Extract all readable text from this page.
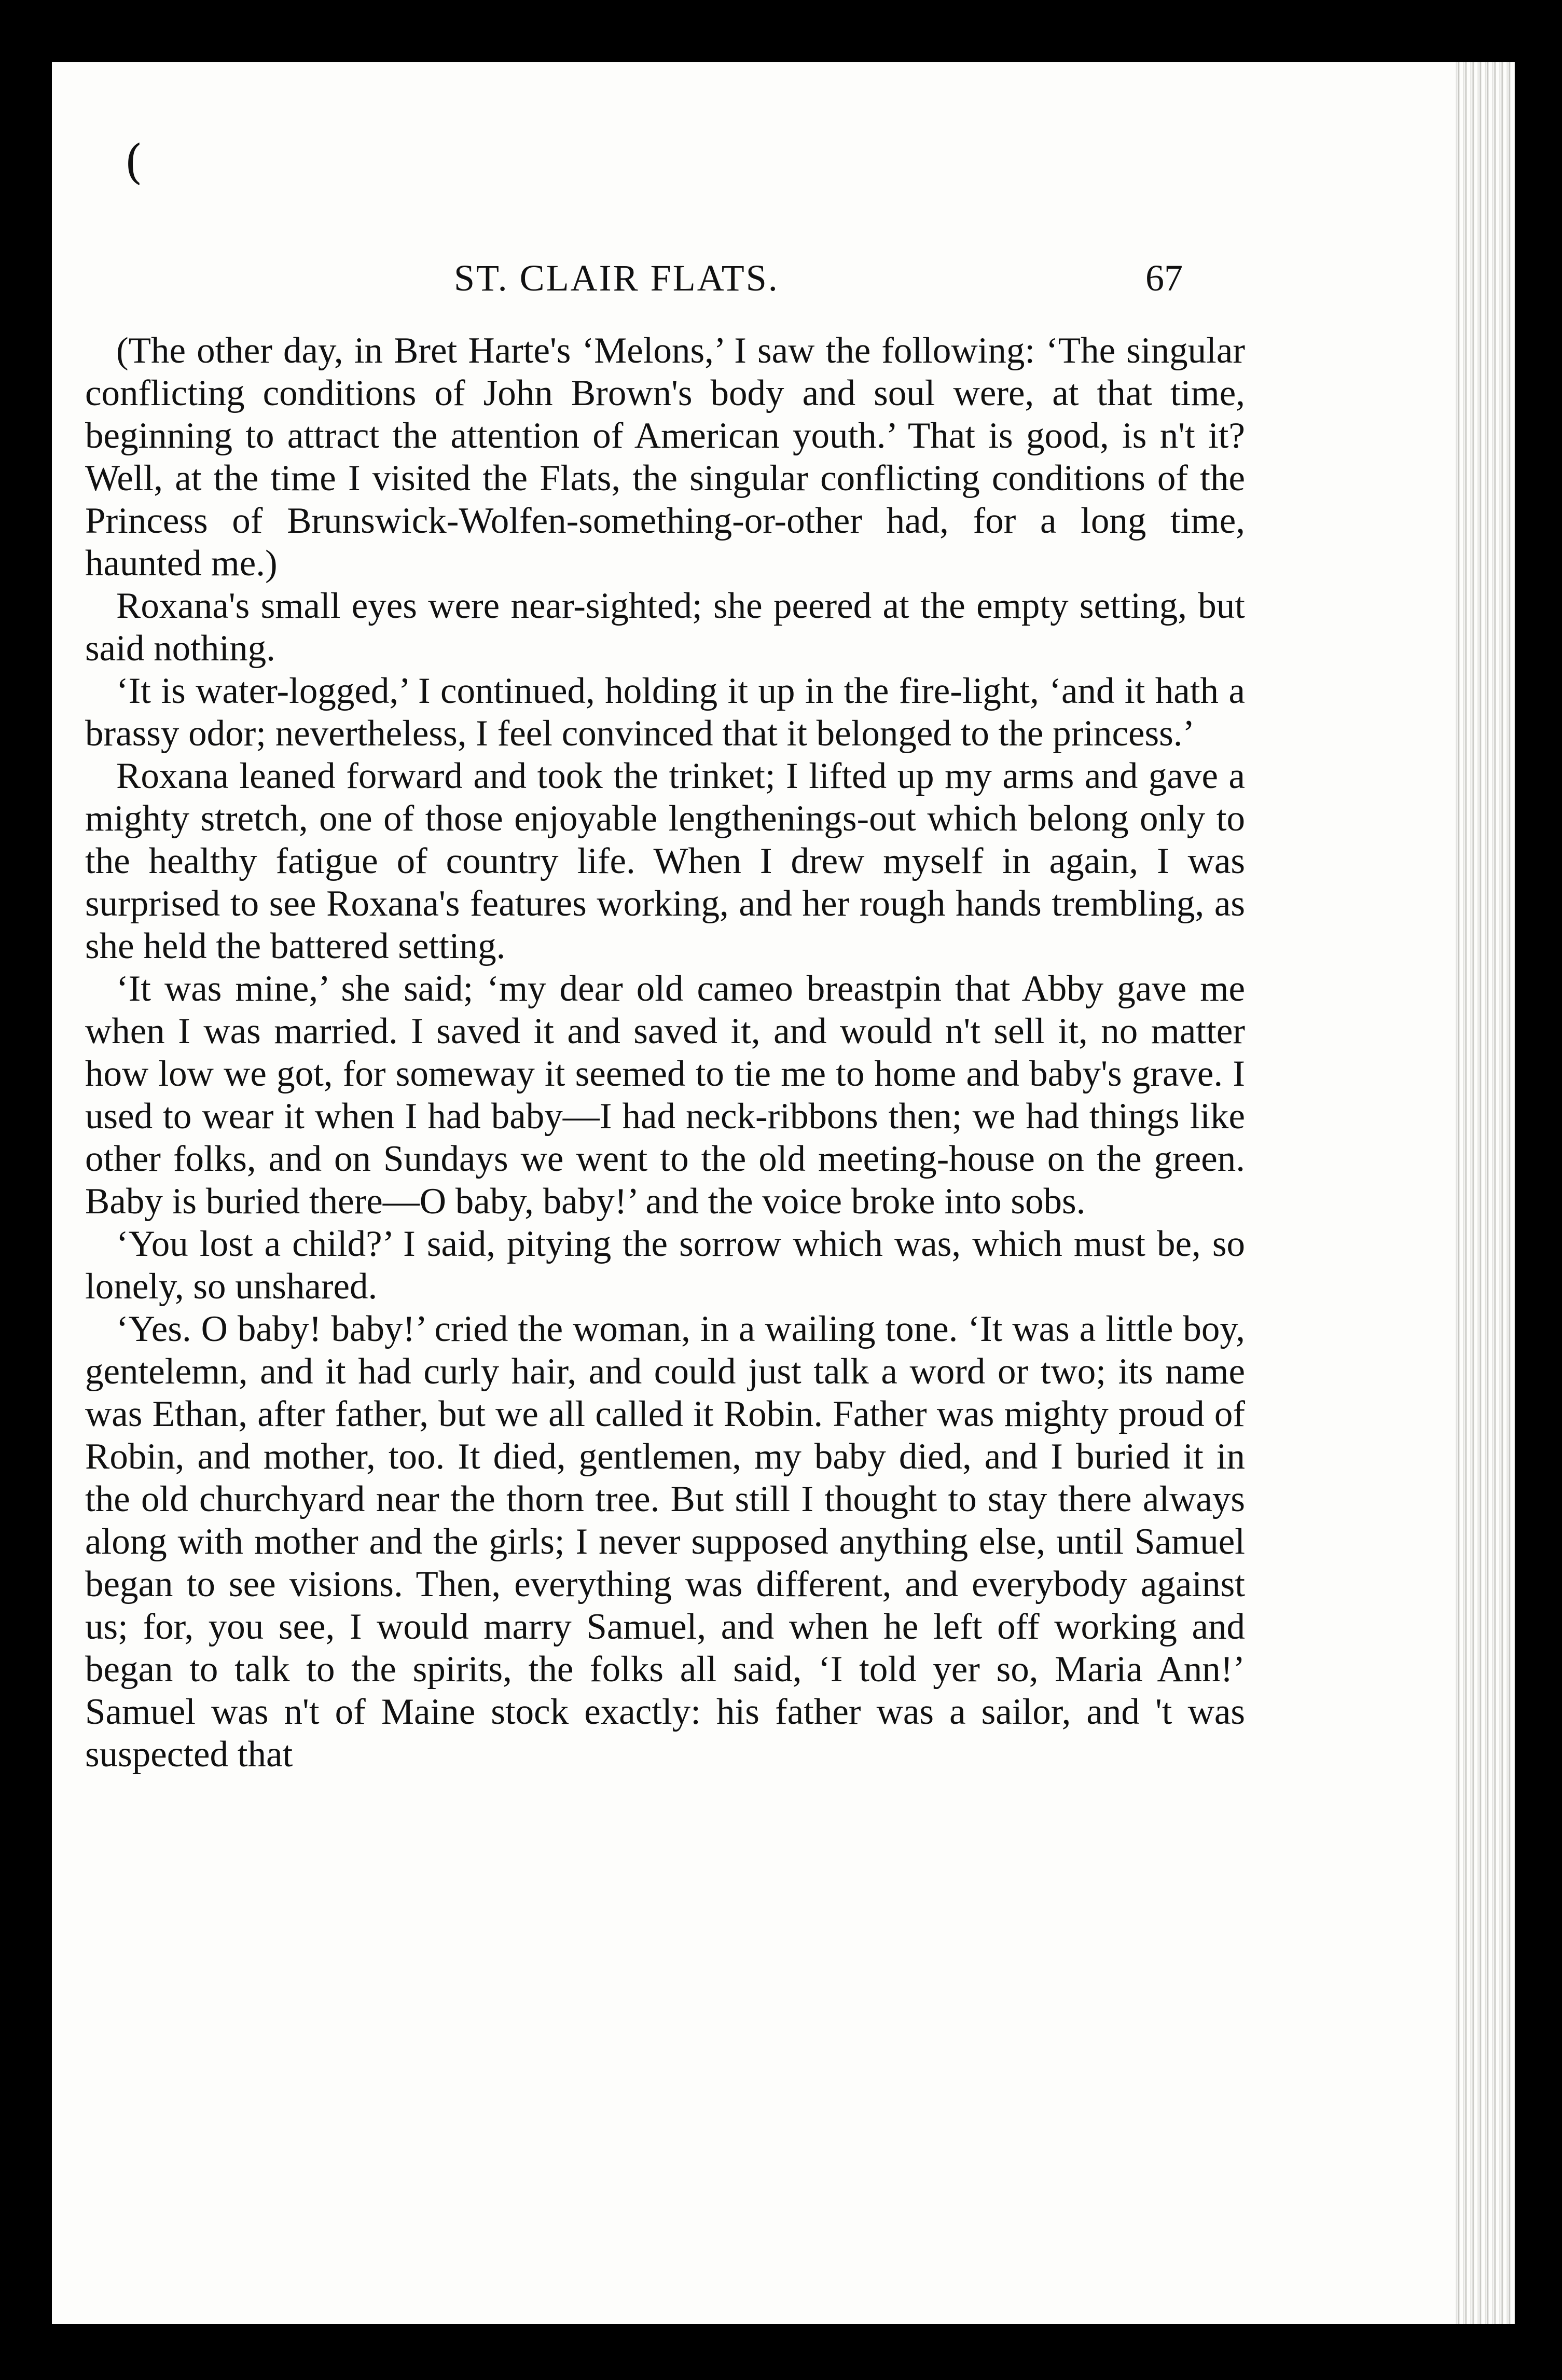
(
ST. CLAIR FLATS.	67

(The other day, in Bret Harte's ‘Melons,’ I saw the following: ‘The singular conflicting conditions of John Brown's body and soul were, at that time, beginning to attract the attention of American youth.’ That is good, is n't it? Well, at the time I visited the Flats, the singular conflicting conditions of the Princess of Brunswick-Wolfen-something-or-other had, for a long time, haunted me.)

Roxana's small eyes were near-sighted; she peered at the empty setting, but said nothing.

‘It is water-logged,’ I continued, holding it up in the fire-light, ‘and it hath a brassy odor; nevertheless, I feel convinced that it belonged to the princess.’

Roxana leaned forward and took the trinket; I lifted up my arms and gave a mighty stretch, one of those enjoyable lengthenings-out which belong only to the healthy fatigue of country life. When I drew myself in again, I was surprised to see Roxana's features working, and her rough hands trembling, as she held the battered setting.

‘It was mine,’ she said; ‘my dear old cameo breastpin that Abby gave me when I was married. I saved it and saved it, and would n't sell it, no matter how low we got, for someway it seemed to tie me to home and baby's grave. I used to wear it when I had baby—I had neck-ribbons then; we had things like other folks, and on Sundays we went to the old meeting-house on the green. Baby is buried there—O baby, baby!’ and the voice broke into sobs.

‘You lost a child?’ I said, pitying the sorrow which was, which must be, so lonely, so unshared.

‘Yes. O baby! baby!’ cried the woman, in a wailing tone. ‘It was a little boy, gentelemn, and it had curly hair, and could just talk a word or two; its name was Ethan, after father, but we all called it Robin. Father was mighty proud of Robin, and mother, too. It died, gentlemen, my baby died, and I buried it in the old churchyard near the thorn tree. But still I thought to stay there always along with mother and the girls; I never supposed anything else, until Samuel began to see visions. Then, everything was different, and everybody against us; for, you see, I would marry Samuel, and when he left off working and began to talk to the spirits, the folks all said, ‘I told yer so, Maria Ann!’ Samuel was n't of Maine stock exactly: his father was a sailor, and 't was suspected that
